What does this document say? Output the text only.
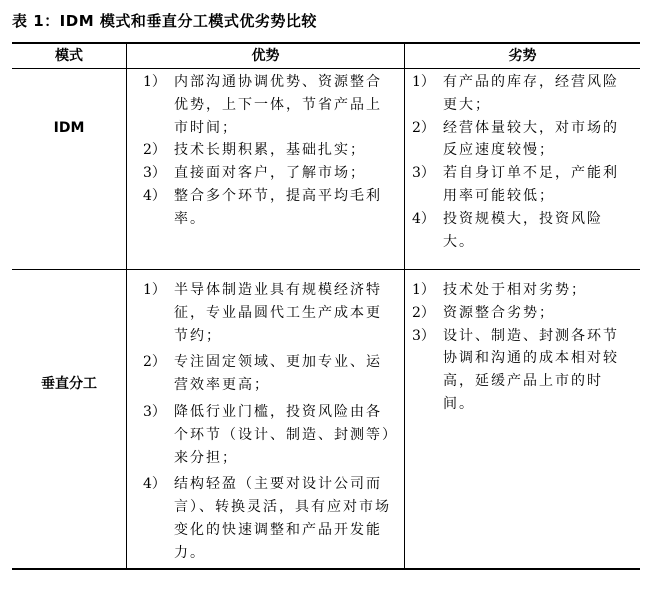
表 1：IDM 模式和垂直分工模式优劣势比较
模式	优势	劣势
IDM
垂直分工
1） 内部沟通协调优势、资源整合优势，上下一体，节省产品上市时间；
2） 技术长期积累，基础扎实；
3） 直接面对客户，了解市场；
4） 整合多个环节，提高平均毛利率。
1） 有产品的库存，经营风险更大；
2） 经营体量较大，对市场的反应速度较慢；
3） 若自身订单不足，产能利用率可能较低；
4） 投资规模大，投资风险大。
1） 半导体制造业具有规模经济特征，专业晶圆代工生产成本更节约；
2） 专注固定领域、更加专业、运营效率更高；
3） 降低行业门槛，投资风险由各个环节（设计、制造、封测等）来分担；
4） 结构轻盈（主要对设计公司而言）、转换灵活，具有应对市场变化的快速调整和产品开发能力。
1） 技术处于相对劣势；
2） 资源整合劣势；
3） 设计、制造、封测各环节协调和沟通的成本相对较高，延缓产品上市的时间。
